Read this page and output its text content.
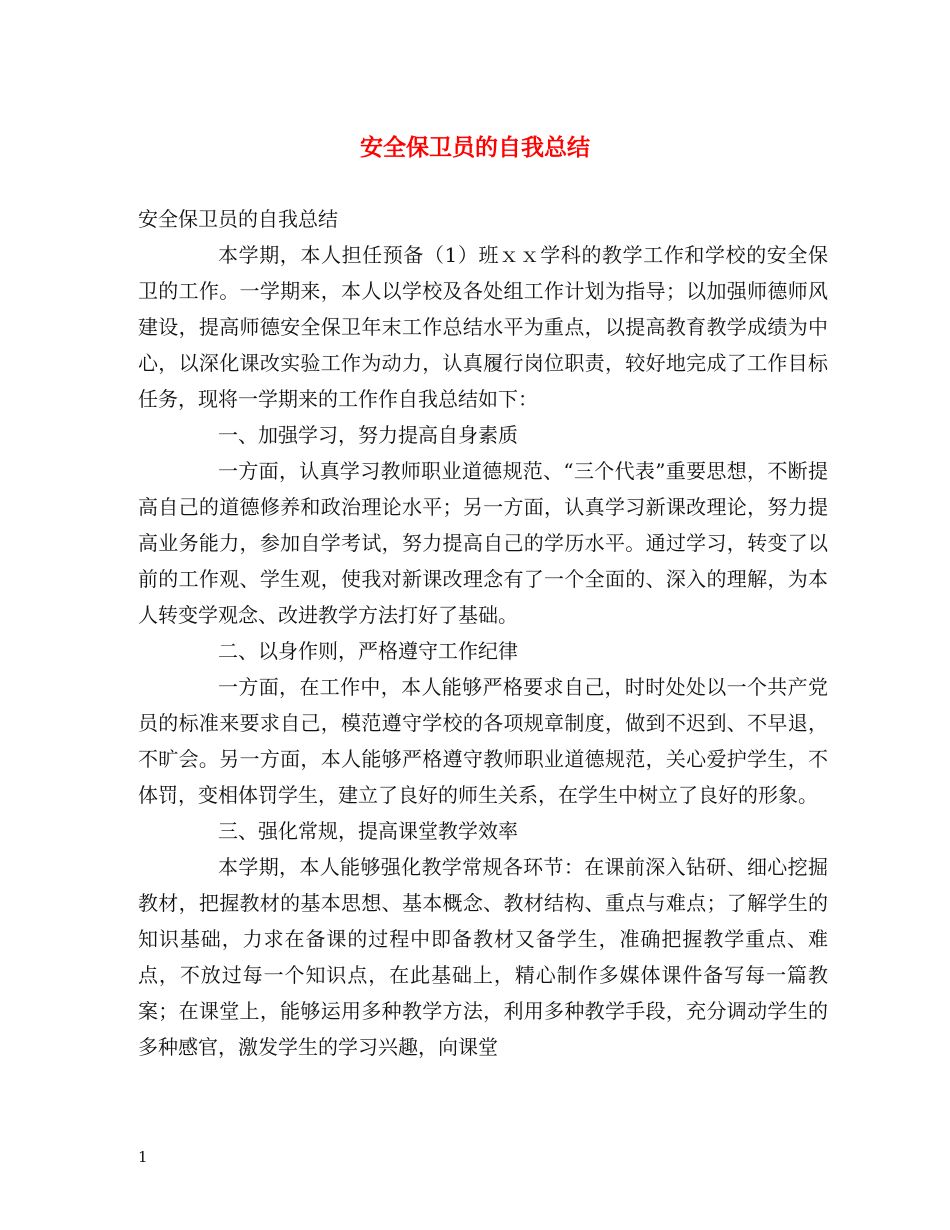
安全保卫员的自我总结

安全保卫员的自我总结

本学期，本人担任预备（1）班ｘｘ学科的教学工作和学校的安全保卫的工作。一学期来，本人以学校及各处组工作计划为指导；以加强师德师风建设，提高师德安全保卫年末工作总结水平为重点，以提高教育教学成绩为中心，以深化课改实验工作为动力，认真履行岗位职责，较好地完成了工作目标任务，现将一学期来的工作作自我总结如下：

一、加强学习，努力提高自身素质

一方面，认真学习教师职业道德规范、“三个代表”重要思想，不断提高自己的道德修养和政治理论水平；另一方面，认真学习新课改理论，努力提高业务能力，参加自学考试，努力提高自己的学历水平。通过学习，转变了以前的工作观、学生观，使我对新课改理念有了一个全面的、深入的理解，为本人转变学观念、改进教学方法打好了基础。

二、以身作则，严格遵守工作纪律

一方面，在工作中，本人能够严格要求自己，时时处处以一个共产党员的标准来要求自己，模范遵守学校的各项规章制度，做到不迟到、不早退，不旷会。另一方面，本人能够严格遵守教师职业道德规范，关心爱护学生，不体罚，变相体罚学生，建立了良好的师生关系，在学生中树立了良好的形象。

三、强化常规，提高课堂教学效率

本学期，本人能够强化教学常规各环节：在课前深入钻研、细心挖掘教材，把握教材的基本思想、基本概念、教材结构、重点与难点；了解学生的知识基础，力求在备课的过程中即备教材又备学生，准确把握教学重点、难点，不放过每一个知识点，在此基础上，精心制作多媒体课件备写每一篇教案；在课堂上，能够运用多种教学方法，利用多种教学手段，充分调动学生的多种感官，激发学生的学习兴趣，向课堂

1
